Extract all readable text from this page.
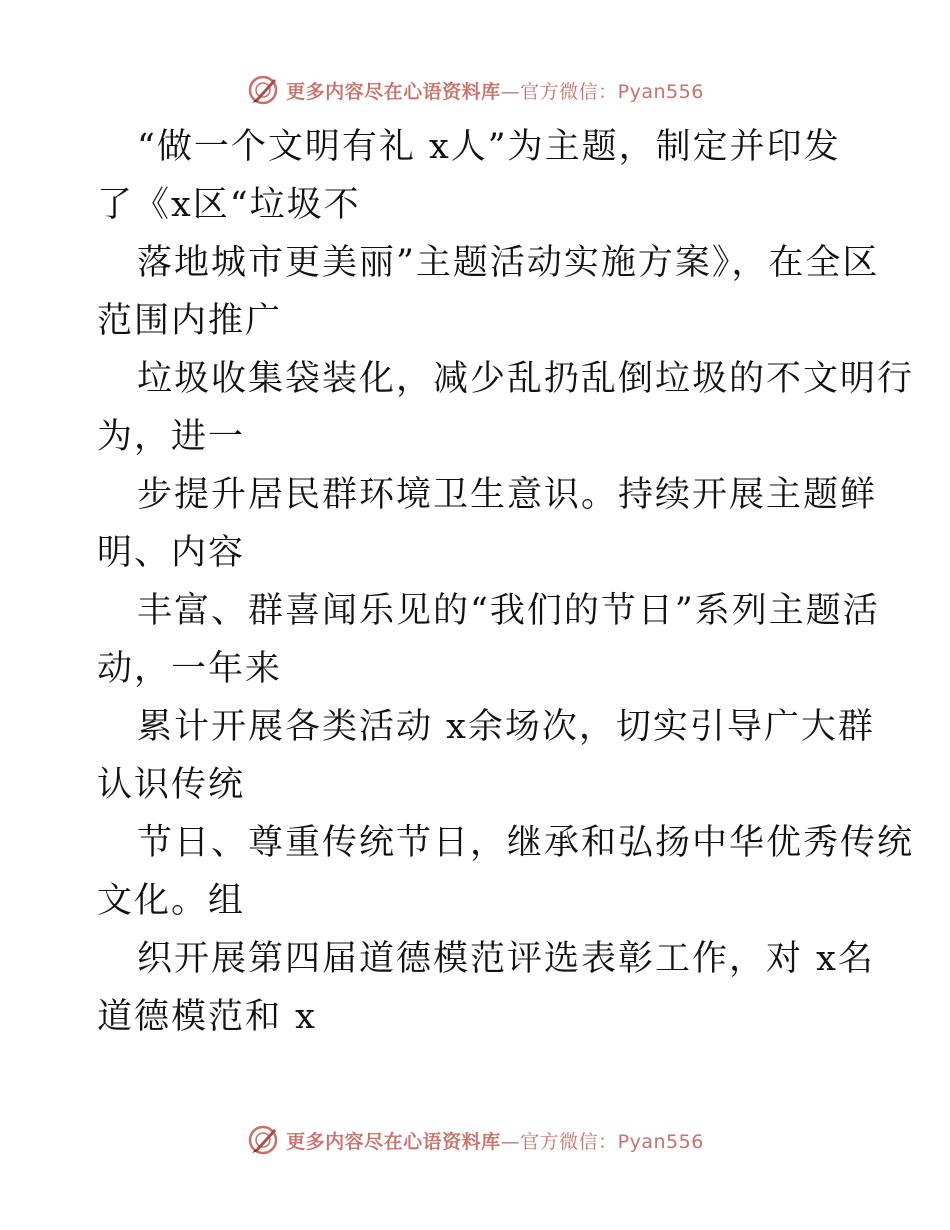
更多内容尽在心语资料库—官方微信：Pyan556
“做一个文明有礼 x人”为主题，制定并印发
了《x区“垃圾不
落地城市更美丽”主题活动实施方案》，在全区
范围内推广
垃圾收集袋装化，减少乱扔乱倒垃圾的不文明行
为，进一
步提升居民群环境卫生意识。持续开展主题鲜
明、内容
丰富、群喜闻乐见的“我们的节日”系列主题活
动，一年来
累计开展各类活动 x余场次，切实引导广大群
认识传统
节日、尊重传统节日，继承和弘扬中华优秀传统
文化。组
织开展第四届道德模范评选表彰工作，对 x名
道德模范和 x
更多内容尽在心语资料库—官方微信：Pyan556
